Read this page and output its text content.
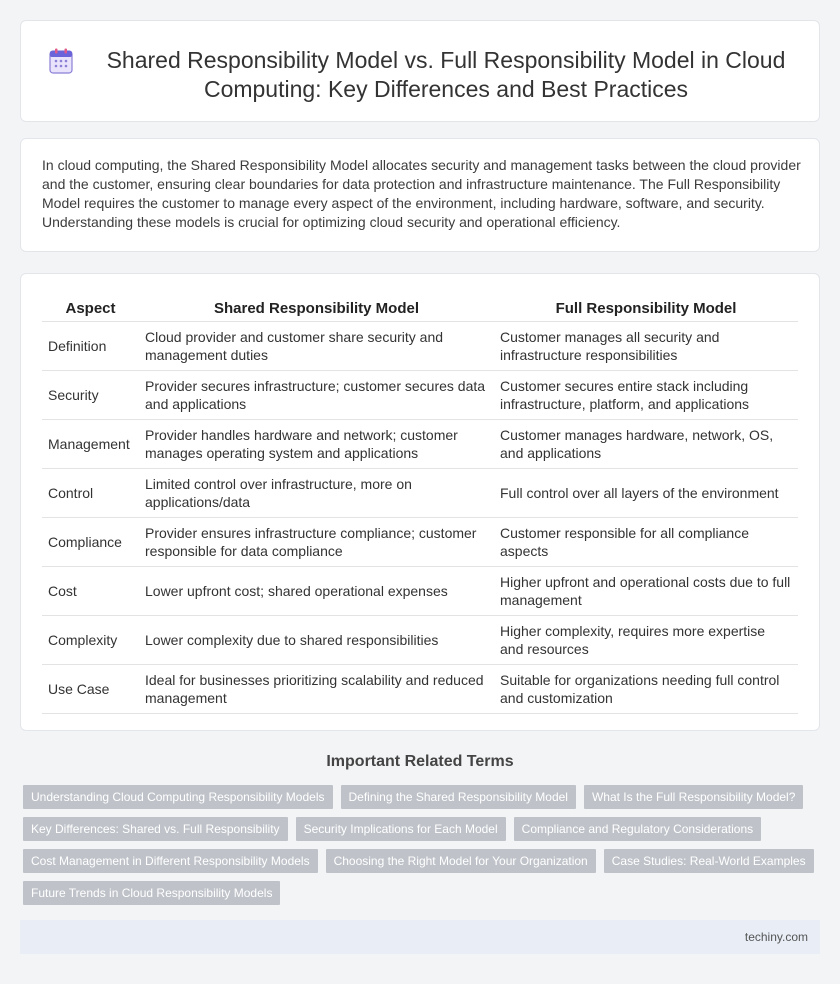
Shared Responsibility Model vs. Full Responsibility Model in Cloud Computing: Key Differences and Best Practices

In cloud computing, the Shared Responsibility Model allocates security and management tasks between the cloud provider and the customer, ensuring clear boundaries for data protection and infrastructure maintenance. The Full Responsibility Model requires the customer to manage every aspect of the environment, including hardware, software, and security. Understanding these models is crucial for optimizing cloud security and operational efficiency.

Aspect	Shared Responsibility Model	Full Responsibility Model
Definition	Cloud provider and customer share security and management duties	Customer manages all security and infrastructure responsibilities
Security	Provider secures infrastructure; customer secures data and applications	Customer secures entire stack including infrastructure, platform, and applications
Management	Provider handles hardware and network; customer manages operating system and applications	Customer manages hardware, network, OS, and applications
Control	Limited control over infrastructure, more on applications/data	Full control over all layers of the environment
Compliance	Provider ensures infrastructure compliance; customer responsible for data compliance	Customer responsible for all compliance aspects
Cost	Lower upfront cost; shared operational expenses	Higher upfront and operational costs due to full management
Complexity	Lower complexity due to shared responsibilities	Higher complexity, requires more expertise and resources
Use Case	Ideal for businesses prioritizing scalability and reduced management	Suitable for organizations needing full control and customization
Important Related Terms
Understanding Cloud Computing Responsibility Models	Defining the Shared Responsibility Model	What Is the Full Responsibility Model?
Key Differences: Shared vs. Full Responsibility	Security Implications for Each Model	Compliance and Regulatory Considerations
Cost Management in Different Responsibility Models	Choosing the Right Model for Your Organization	Case Studies: Real-World Examples
Future Trends in Cloud Responsibility Models
techiny.com
